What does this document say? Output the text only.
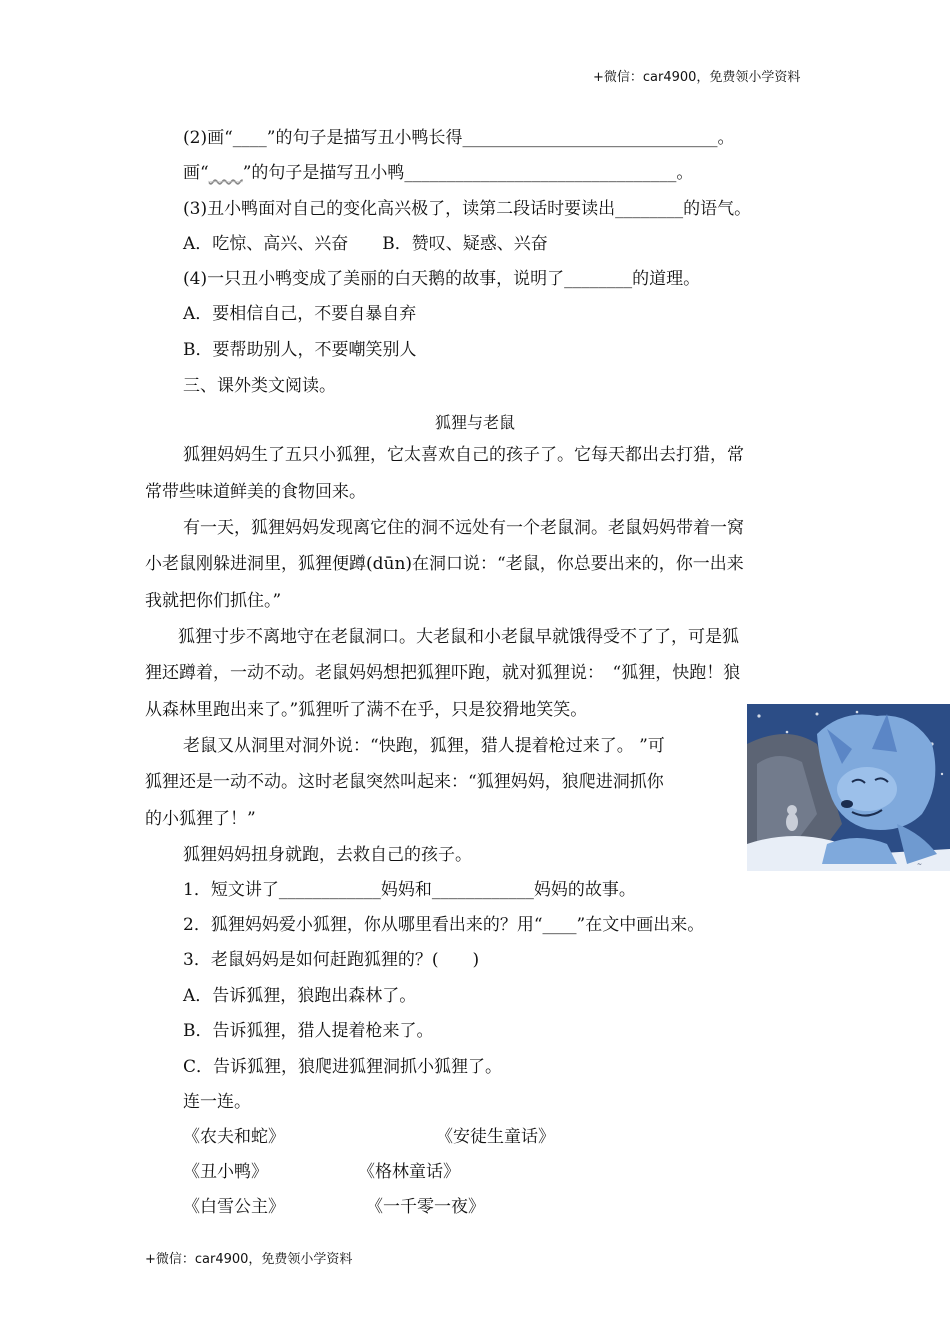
+微信：car4900，免费领小学资料
(2)画“____”的句子是描写丑小鸭长得______________________________。
画“____”的句子是描写丑小鸭________________________________。
(3)丑小鸭面对自己的变化高兴极了，读第二段话时要读出________的语气。
A．吃惊、高兴、兴奋　　B．赞叹、疑惑、兴奋
(4)一只丑小鸭变成了美丽的白天鹅的故事，说明了________的道理。
A．要相信自己，不要自暴自弃
B．要帮助别人，不要嘲笑别人
三、课外类文阅读。
狐狸与老鼠
狐狸妈妈生了五只小狐狸，它太喜欢自己的孩子了。它每天都出去打猎，常
常带些味道鲜美的食物回来。
有一天，狐狸妈妈发现离它住的洞不远处有一个老鼠洞。老鼠妈妈带着一窝
小老鼠刚躲进洞里，狐狸便蹲(dūn)在洞口说：“老鼠，你总要出来的，你一出来
我就把你们抓住。”
狐狸寸步不离地守在老鼠洞口。大老鼠和小老鼠早就饿得受不了了，可是狐
狸还蹲着，一动不动。老鼠妈妈想把狐狸吓跑，就对狐狸说：　“狐狸，快跑！狼
从森林里跑出来了。”狐狸听了满不在乎，只是狡猾地笑笑。
老鼠又从洞里对洞外说：“快跑，狐狸，猎人提着枪过来了。 ”可
狐狸还是一动不动。这时老鼠突然叫起来：“狐狸妈妈，狼爬进洞抓你
的小狐狸了！”
狐狸妈妈扭身就跑，去救自己的孩子。	~
1．短文讲了____________妈妈和____________妈妈的故事。
2．狐狸妈妈爱小狐狸，你从哪里看出来的？用“____”在文中画出来。
3．老鼠妈妈是如何赶跑狐狸的？(　　)
A．告诉狐狸，狼跑出森林了。
B．告诉狐狸，猎人提着枪来了。
C．告诉狐狸，狼爬进狐狸洞抓小狐狸了。
连一连。
《农夫和蛇》	《安徒生童话》
《丑小鸭》	《格林童话》
《白雪公主》	《一千零一夜》
+微信：car4900，免费领小学资料
